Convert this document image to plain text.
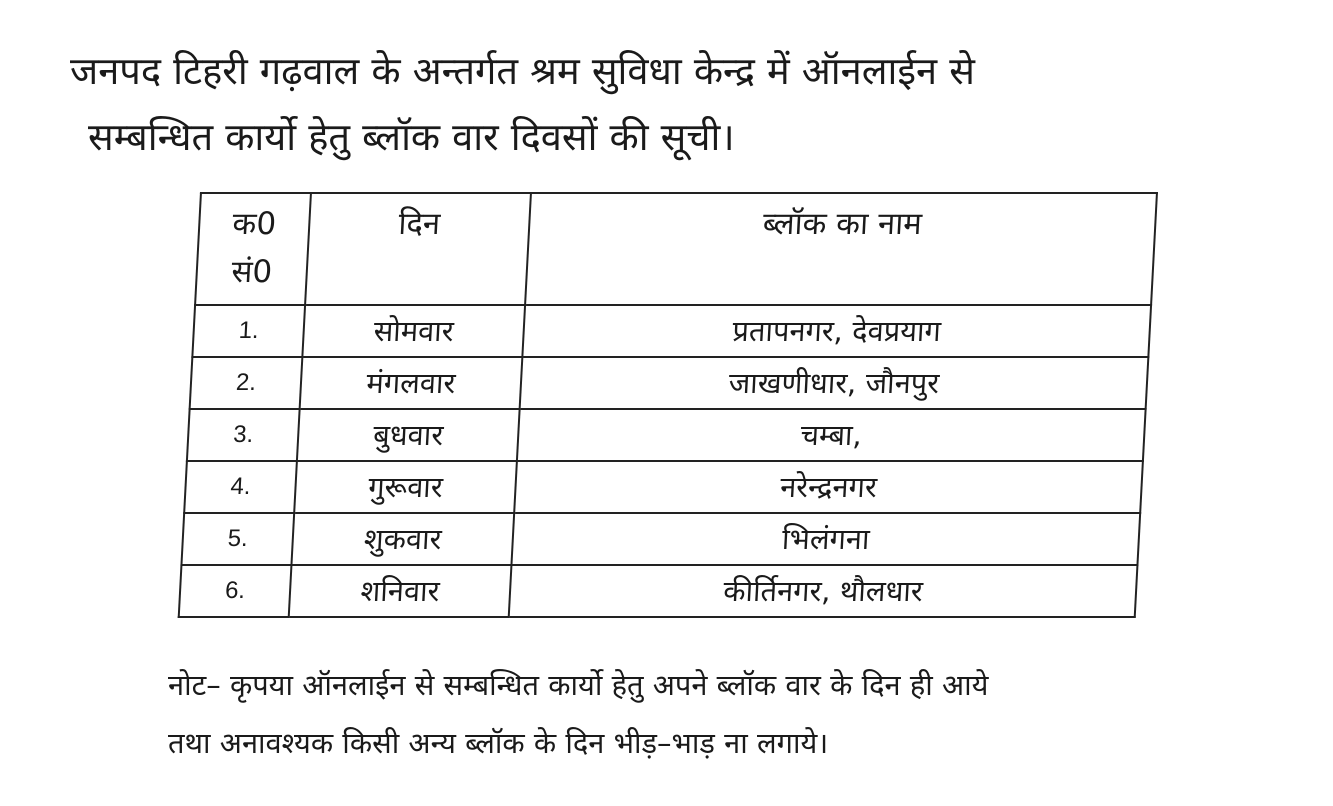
जनपद टिहरी गढ़वाल के अन्तर्गत श्रम सुविधा केन्द्र में ऑनलाईन से
सम्बन्धित कार्यो हेतु ब्लॉक वार दिवसों की सूची।
क0
सं0	दिन	ब्लॉक का नाम
1.	सोमवार	प्रतापनगर, देवप्रयाग
2.	मंगलवार	जाखणीधार, जौनपुर
3.	बुधवार	चम्बा,
4.	गुरूवार	नरेन्द्रनगर
5.	शुकवार	भिलंगना
6.	शनिवार	कीर्तिनगर, थौलधार

नोट– कृपया ऑनलाईन से सम्बन्धित कार्यो हेतु अपने ब्लॉक वार के दिन ही आये
तथा अनावश्यक किसी अन्य ब्लॉक के दिन भीड़–भाड़ ना लगाये।
